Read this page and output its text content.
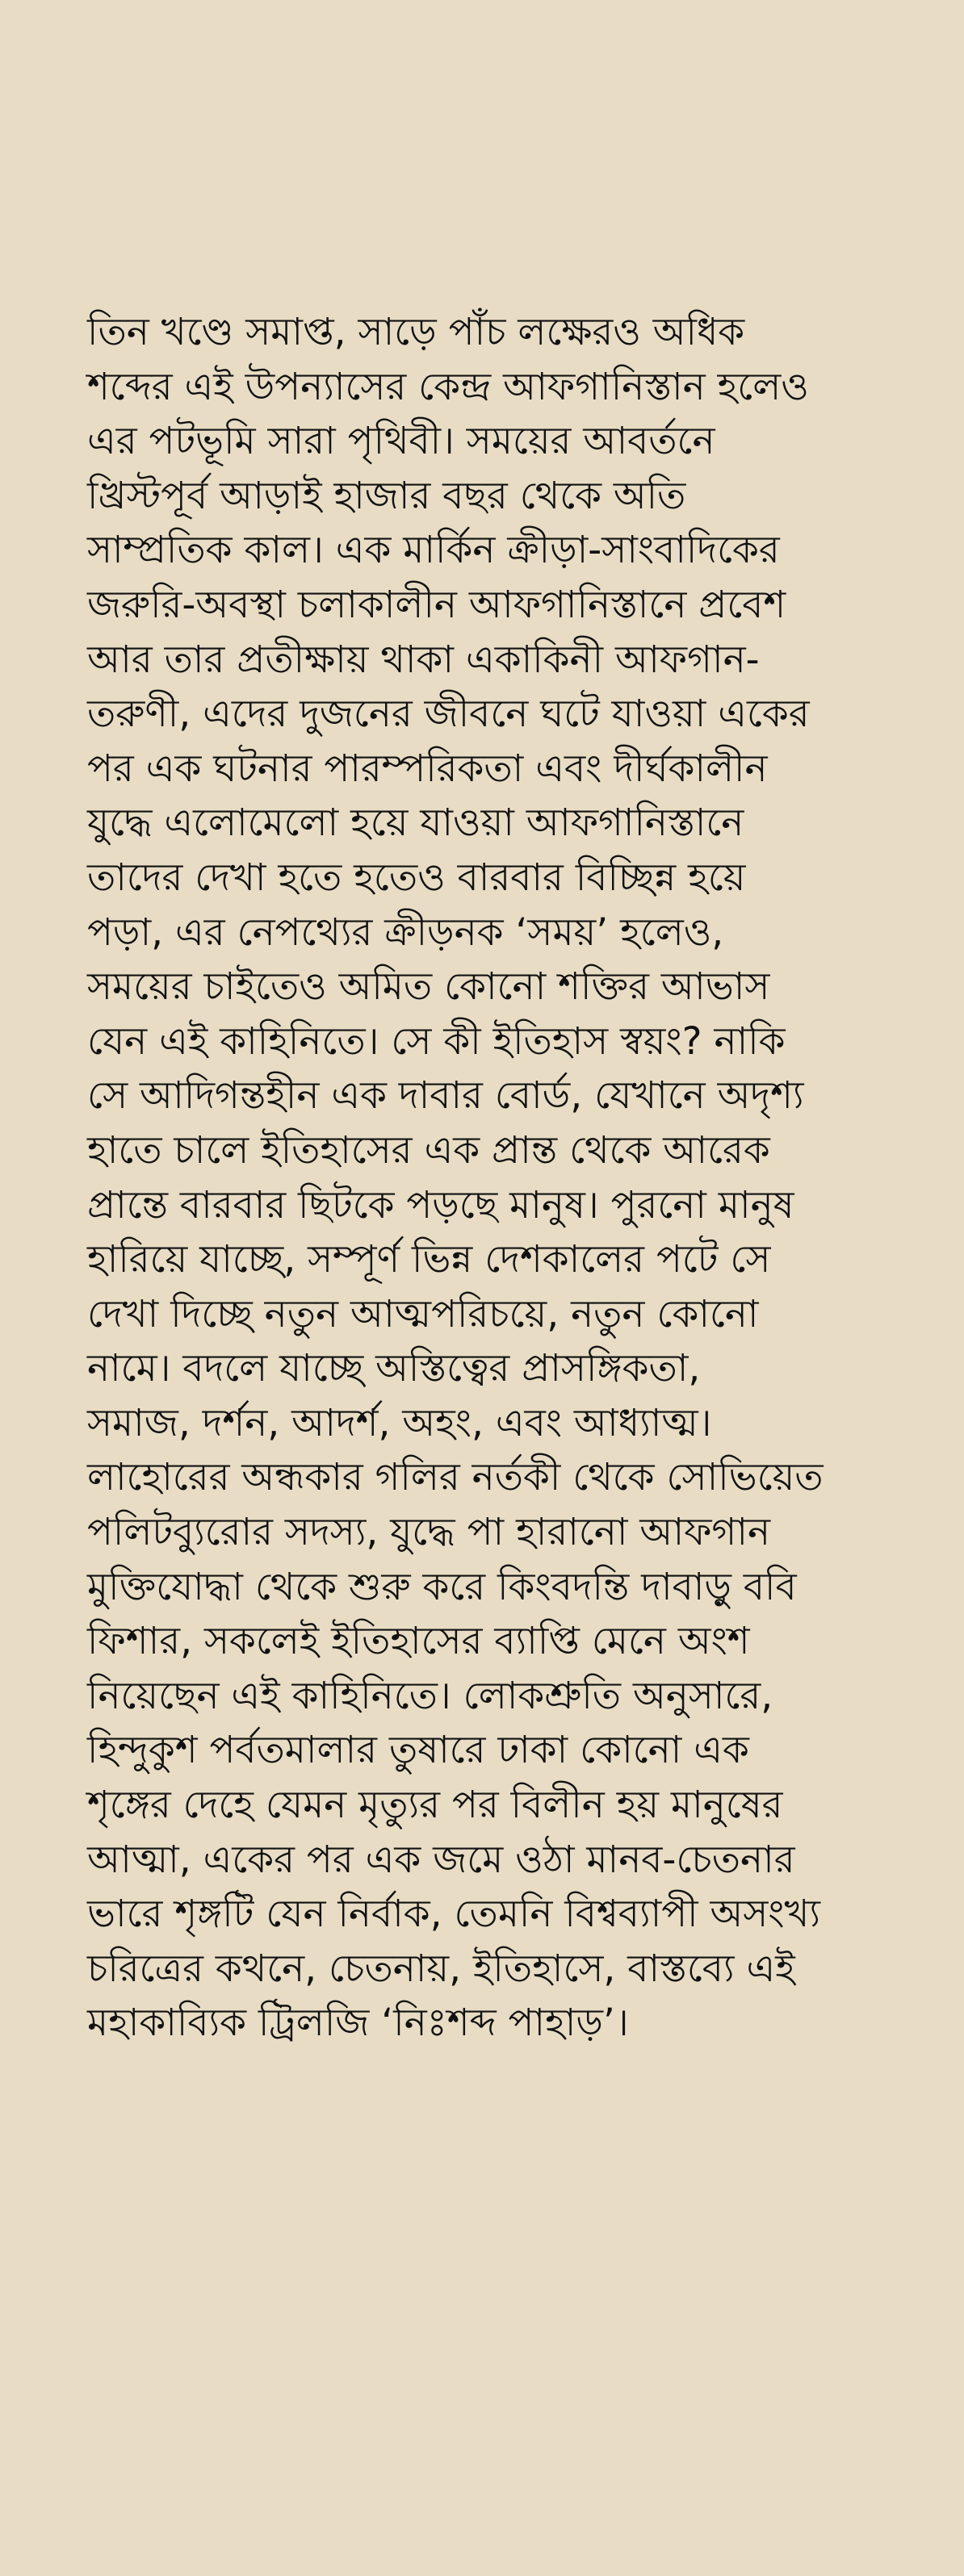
তিন খণ্ডে সমাপ্ত, সাড়ে পাঁচ লক্ষেরও অধিক
শব্দের এই উপন্যাসের কেন্দ্র আফগানিস্তান হলেও
এর পটভূমি সারা পৃথিবী। সময়ের আবর্তনে
খ্রিস্টপূর্ব আড়াই হাজার বছর থেকে অতি
সাম্প্রতিক কাল। এক মার্কিন ক্রীড়া-সাংবাদিকের
জরুরি-অবস্থা চলাকালীন আফগানিস্তানে প্রবেশ
আর তার প্রতীক্ষায় থাকা একাকিনী আফগান-
তরুণী, এদের দুজনের জীবনে ঘটে যাওয়া একের
পর এক ঘটনার পারম্পরিকতা এবং দীর্ঘকালীন
যুদ্ধে এলোমেলো হয়ে যাওয়া আফগানিস্তানে
তাদের দেখা হতে হতেও বারবার বিচ্ছিন্ন হয়ে
পড়া, এর নেপথ্যের ক্রীড়নক ‘সময়’ হলেও,
সময়ের চাইতেও অমিত কোনো শক্তির আভাস
যেন এই কাহিনিতে। সে কী ইতিহাস স্বয়ং? নাকি
সে আদিগন্তহীন এক দাবার বোর্ড, যেখানে অদৃশ্য
হাতে চালে ইতিহাসের এক প্রান্ত থেকে আরেক
প্রান্তে বারবার ছিটকে পড়ছে মানুষ। পুরনো মানুষ
হারিয়ে যাচ্ছে, সম্পূর্ণ ভিন্ন দেশকালের পটে সে
দেখা দিচ্ছে নতুন আত্মপরিচয়ে, নতুন কোনো
নামে। বদলে যাচ্ছে অস্তিত্বের প্রাসঙ্গিকতা,
সমাজ, দর্শন, আদর্শ, অহং, এবং আধ্যাত্ম।
লাহোরের অন্ধকার গলির নর্তকী থেকে সোভিয়েত
পলিটব্যুরোর সদস্য, যুদ্ধে পা হারানো আফগান
মুক্তিযোদ্ধা থেকে শুরু করে কিংবদন্তি দাবাড়ু ববি
ফিশার, সকলেই ইতিহাসের ব্যাপ্তি মেনে অংশ
নিয়েছেন এই কাহিনিতে। লোকশ্রুতি অনুসারে,
হিন্দুকুশ পর্বতমালার তুষারে ঢাকা কোনো এক
শৃঙ্গের দেহে যেমন মৃত্যুর পর বিলীন হয় মানুষের
আত্মা, একের পর এক জমে ওঠা মানব-চেতনার
ভারে শৃঙ্গটি যেন নির্বাক, তেমনি বিশ্বব্যাপী অসংখ্য
চরিত্রের কথনে, চেতনায়, ইতিহাসে, বাস্তব্যে এই
মহাকাব্যিক ট্রিলজি ‘নিঃশব্দ পাহাড়’।
